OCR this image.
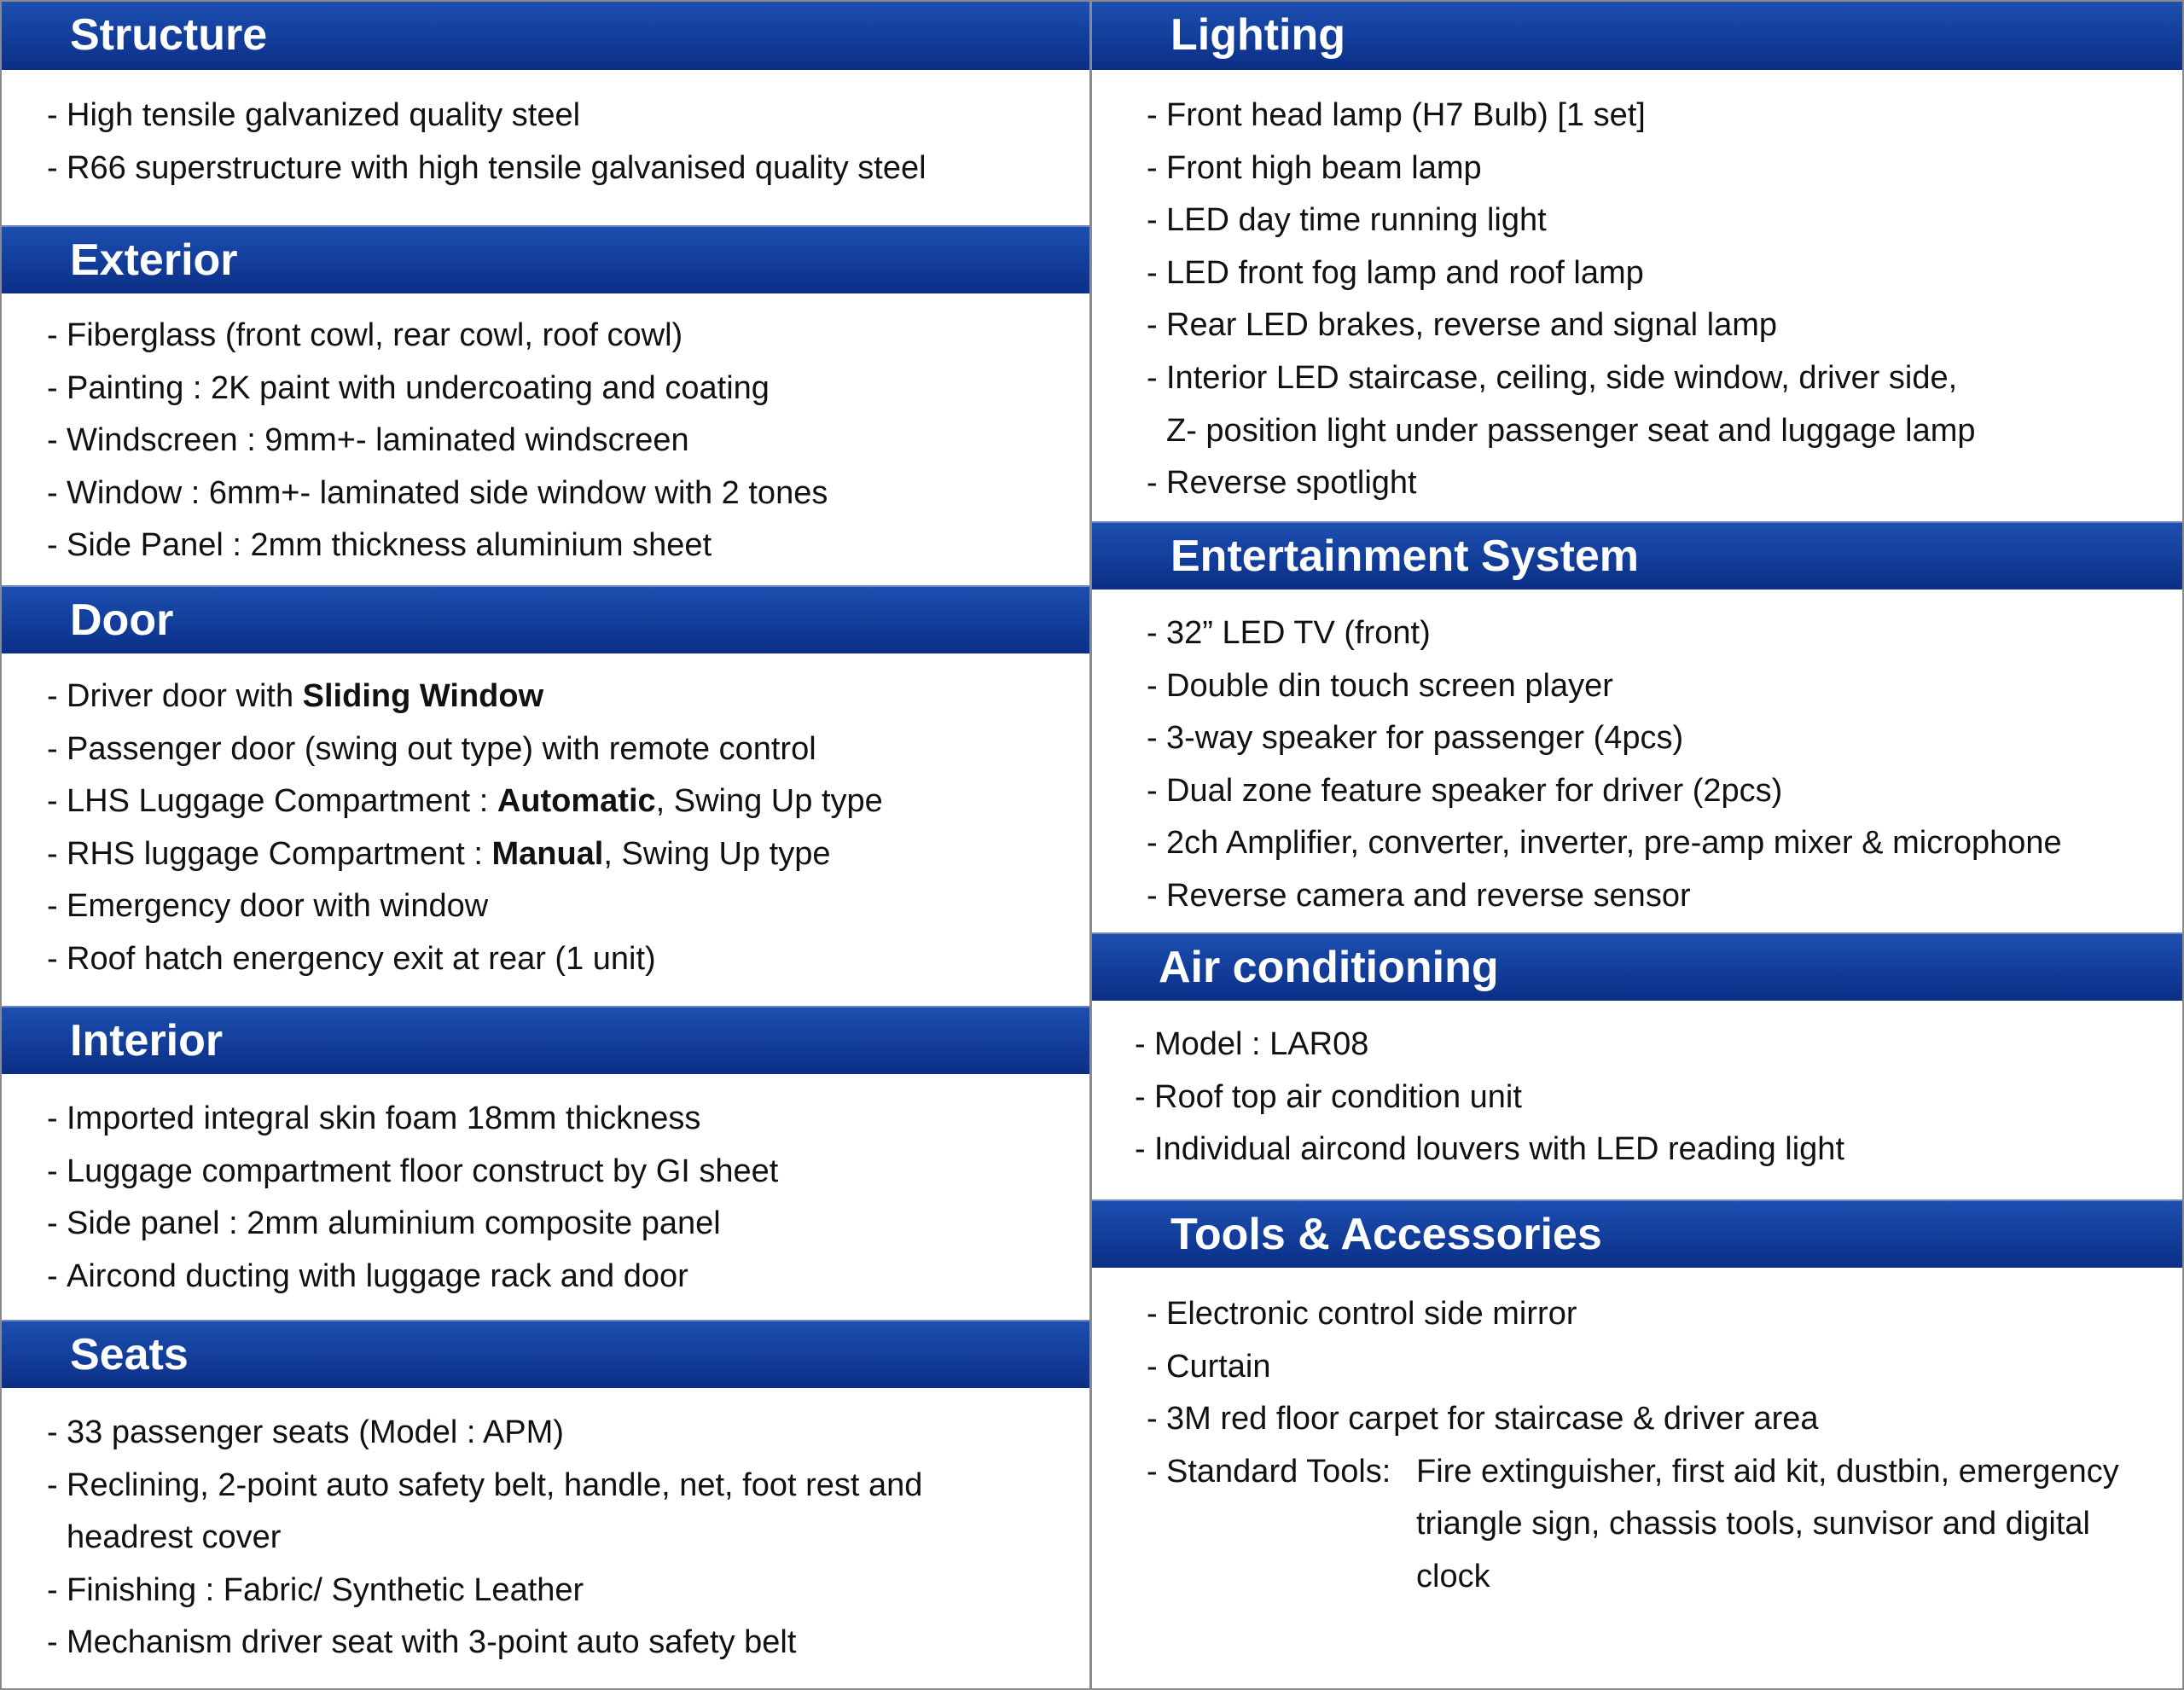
Structure
- High tensile galvanized quality steel
- R66 superstructure with high tensile galvanised quality steel
Exterior
- Fiberglass (front cowl, rear cowl, roof cowl)
- Painting : 2K paint with undercoating and coating
- Windscreen : 9mm+- laminated windscreen
- Window : 6mm+- laminated side window with 2 tones
- Side Panel : 2mm thickness aluminium sheet
Door
- Driver door with Sliding Window
- Passenger door (swing out type) with remote control
- LHS Luggage Compartment : Automatic, Swing Up type
- RHS luggage Compartment : Manual, Swing Up type
- Emergency door with window
- Roof hatch energency exit at rear (1 unit)
Interior
- Imported integral skin foam 18mm thickness
- Luggage compartment floor construct by GI sheet
- Side panel : 2mm aluminium composite panel
- Aircond ducting with luggage rack and door
Seats
- 33 passenger seats (Model : APM)
- Reclining, 2-point auto safety belt, handle, net, foot rest and
headrest cover
- Finishing : Fabric/ Synthetic Leather
- Mechanism driver seat with 3-point auto safety belt
Lighting
- Front head lamp (H7 Bulb) [1 set]
- Front high beam lamp
- LED day time running light
- LED front fog lamp and roof lamp
- Rear LED brakes, reverse and signal lamp
- Interior LED staircase, ceiling, side window, driver side,
Z- position light under passenger seat and luggage lamp
- Reverse spotlight
Entertainment System
- 32” LED TV (front)
- Double din touch screen player
- 3-way speaker for passenger (4pcs)
- Dual zone feature speaker for driver (2pcs)
- 2ch Amplifier, converter, inverter, pre-amp mixer & microphone
- Reverse camera and reverse sensor
Air conditioning
- Model : LAR08
- Roof top air condition unit
- Individual aircond louvers with LED reading light
Tools & Accessories
- Electronic control side mirror
- Curtain
- 3M red floor carpet for staircase & driver area
- Standard Tools: Fire extinguisher, first aid kit, dustbin, emergency
triangle sign, chassis tools, sunvisor and digital
clock
